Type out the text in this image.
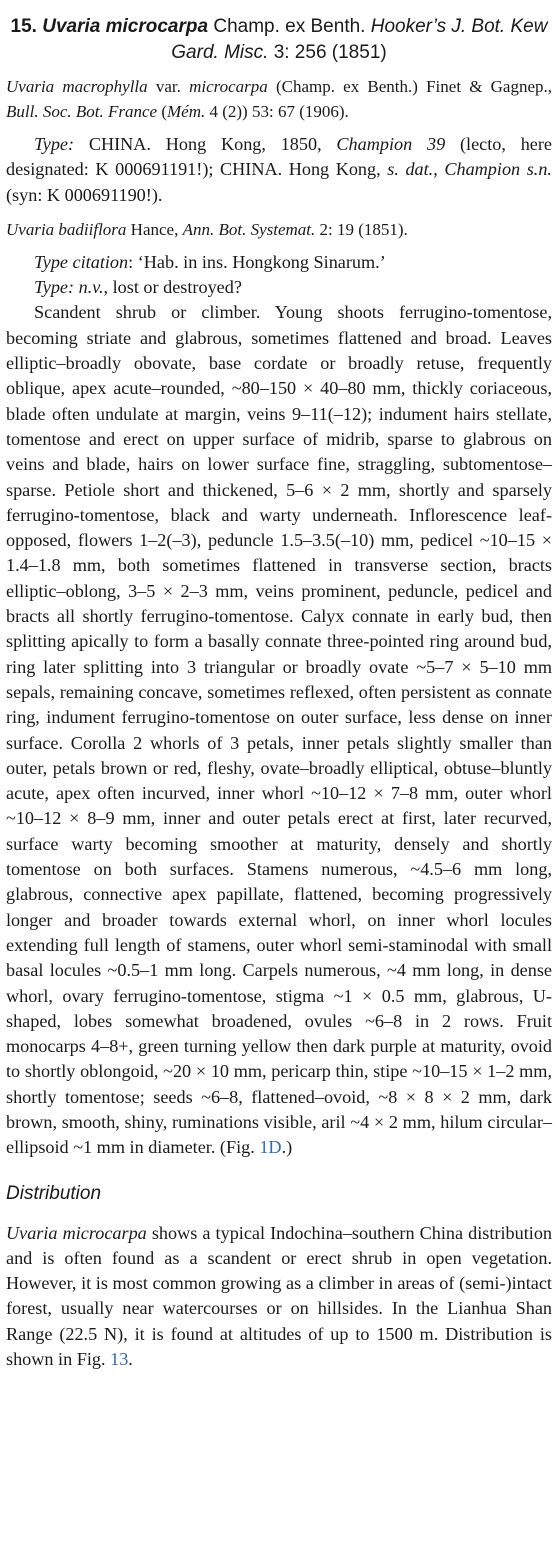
15. Uvaria microcarpa Champ. ex Benth. Hooker’s J. Bot. Kew Gard. Misc. 3: 256 (1851)

Uvaria macrophylla var. microcarpa (Champ. ex Benth.) Finet & Gagnep., Bull. Soc. Bot. France (Mém. 4 (2)) 53: 67 (1906).

Type: CHINA. Hong Kong, 1850, Champion 39 (lecto, here designated: K 000691191!); CHINA. Hong Kong, s. dat., Champion s.n. (syn: K 000691190!).

Uvaria badiiflora Hance, Ann. Bot. Systemat. 2: 19 (1851).

Type citation: ‘Hab. in ins. Hongkong Sinarum.’

Type: n.v., lost or destroyed?

Scandent shrub or climber. Young shoots ferrugino-tomentose, becoming striate and glabrous, sometimes flattened and broad. Leaves elliptic–broadly obovate, base cordate or broadly retuse, frequently oblique, apex acute–rounded, ~80–150 × 40–80 mm, thickly coriaceous, blade often undulate at margin, veins 9–11(–12); indument hairs stellate, tomentose and erect on upper surface of midrib, sparse to glabrous on veins and blade, hairs on lower surface fine, straggling, subtomentose–sparse. Petiole short and thickened, 5–6 × 2 mm, shortly and sparsely ferrugino-tomentose, black and warty underneath. Inflorescence leaf-opposed, flowers 1–2(–3), peduncle 1.5–3.5(–10) mm, pedicel ~10–15 × 1.4–1.8 mm, both sometimes flattened in transverse section, bracts elliptic–oblong, 3–5 × 2–3 mm, veins prominent, peduncle, pedicel and bracts all shortly ferrugino-tomentose. Calyx connate in early bud, then splitting apically to form a basally connate three-pointed ring around bud, ring later splitting into 3 triangular or broadly ovate ~5–7 × 5–10 mm sepals, remaining concave, sometimes reflexed, often persistent as connate ring, indument ferrugino-tomentose on outer surface, less dense on inner surface. Corolla 2 whorls of 3 petals, inner petals slightly smaller than outer, petals brown or red, fleshy, ovate–broadly elliptical, obtuse–bluntly acute, apex often incurved, inner whorl ~10–12 × 7–8 mm, outer whorl ~10–12 × 8–9 mm, inner and outer petals erect at first, later recurved, surface warty becoming smoother at maturity, densely and shortly tomentose on both surfaces. Stamens numerous, ~4.5–6 mm long, glabrous, connective apex papillate, flattened, becoming progressively longer and broader towards external whorl, on inner whorl locules extending full length of stamens, outer whorl semi-staminodal with small basal locules ~0.5–1 mm long. Carpels numerous, ~4 mm long, in dense whorl, ovary ferrugino-tomentose, stigma ~1 × 0.5 mm, glabrous, U-shaped, lobes somewhat broadened, ovules ~6–8 in 2 rows. Fruit monocarps 4–8+, green turning yellow then dark purple at maturity, ovoid to shortly oblongoid, ~20 × 10 mm, pericarp thin, stipe ~10–15 × 1–2 mm, shortly tomentose; seeds ~6–8, flattened–ovoid, ~8 × 8 × 2 mm, dark brown, smooth, shiny, ruminations visible, aril ~4 × 2 mm, hilum circular–ellipsoid ~1 mm in diameter. (Fig. 1D.)

Distribution

Uvaria microcarpa shows a typical Indochina–southern China distribution and is often found as a scandent or erect shrub in open vegetation. However, it is most common growing as a climber in areas of (semi-)intact forest, usually near watercourses or on hillsides. In the Lianhua Shan Range (22.5 N), it is found at altitudes of up to 1500 m. Distribution is shown in Fig. 13.
